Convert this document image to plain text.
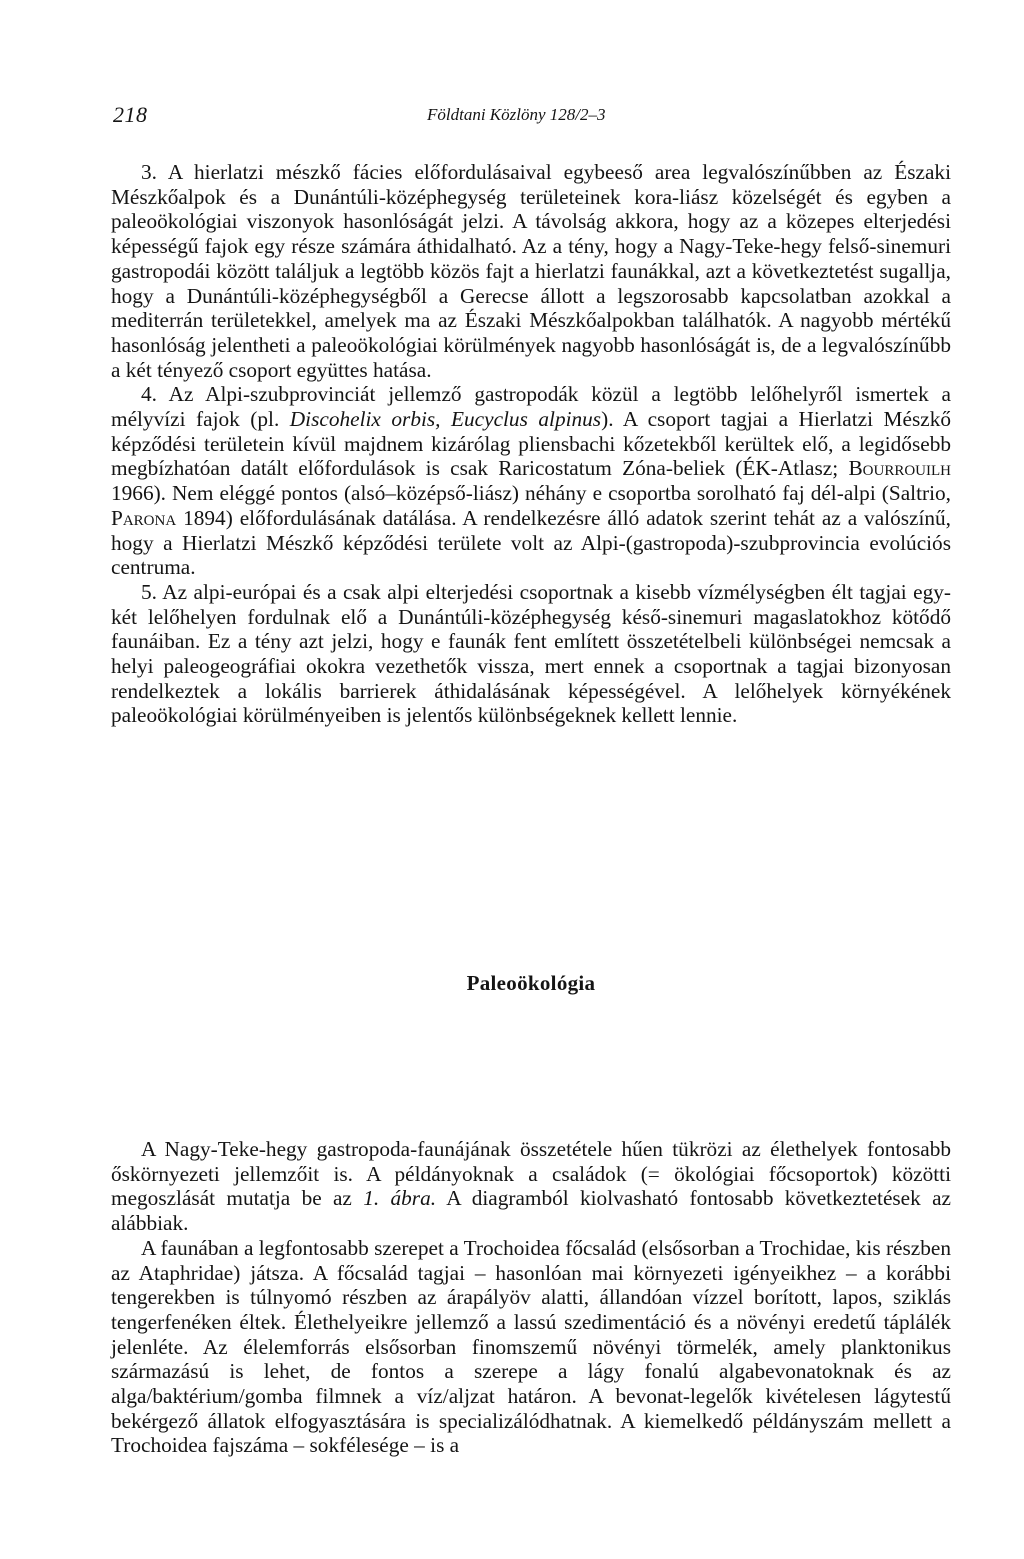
218	Földtani Közlöny 128/2–3

3. A hierlatzi mészkő fácies előfordulásaival egybeeső area legvalószínűbben az Északi Mészkőalpok és a Dunántúli-középhegység területeinek kora-liász közelségét és egyben a paleoökológiai viszonyok hasonlóságát jelzi. A távolság akkora, hogy az a közepes elterjedési képességű fajok egy része számára áthidalható. Az a tény, hogy a Nagy-Teke-hegy felső-sinemuri gastropodái között találjuk a legtöbb közös fajt a hierlatzi faunákkal, azt a következtetést sugallja, hogy a Dunántúli-középhegységből a Gerecse állott a legszorosabb kapcsolatban azokkal a mediterrán területekkel, amelyek ma az Északi Mészkőalpokban találhatók. A nagyobb mértékű hasonlóság jelentheti a paleoökológiai körülmények nagyobb hasonlóságát is, de a legvalószínűbb a két tényező csoport együttes hatása.

4. Az Alpi-szubprovinciát jellemző gastropodák közül a legtöbb lelőhelyről ismertek a mélyvízi fajok (pl. Discohelix orbis, Eucyclus alpinus). A csoport tagjai a Hierlatzi Mészkő képződési területein kívül majdnem kizárólag pliensbachi kőzetekből kerültek elő, a legidősebb megbízhatóan datált előfordulások is csak Raricostatum Zóna-beliek (ÉK-Atlasz; Bourrouilh 1966). Nem eléggé pontos (alsó–középső-liász) néhány e csoportba sorolható faj dél-alpi (Saltrio, Parona 1894) előfordulásának datálása. A rendelkezésre álló adatok szerint tehát az a valószínű, hogy a Hierlatzi Mészkő képződési területe volt az Alpi-(gastropoda)-szubprovincia evolúciós centruma.

5. Az alpi-európai és a csak alpi elterjedési csoportnak a kisebb vízmélységben élt tagjai egy-két lelőhelyen fordulnak elő a Dunántúli-középhegység késő-sinemuri magaslatokhoz kötődő faunáiban. Ez a tény azt jelzi, hogy e faunák fent említett összetételbeli különbségei nemcsak a helyi paleogeográfiai okokra vezethetők vissza, mert ennek a csoportnak a tagjai bizonyosan rendelkeztek a lokális barrierek áthidalásának képességével. A lelőhelyek környékének paleoökológiai körülményeiben is jelentős különbségeknek kellett lennie.

Paleoökológia

A Nagy-Teke-hegy gastropoda-faunájának összetétele hűen tükrözi az élethelyek fontosabb őskörnyezeti jellemzőit is. A példányoknak a családok (= ökológiai főcsoportok) közötti megoszlását mutatja be az 1. ábra. A diagramból kiolvasható fontosabb következtetések az alábbiak.

A faunában a legfontosabb szerepet a Trochoidea főcsalád (elsősorban a Trochidae, kis részben az Ataphridae) játsza. A főcsalád tagjai – hasonlóan mai környezeti igényeikhez – a korábbi tengerekben is túlnyomó részben az árapályöv alatti, állandóan vízzel borított, lapos, sziklás tengerfenéken éltek. Élethelyeikre jellemző a lassú szedimentáció és a növényi eredetű táplálék jelenléte. Az élelemforrás elsősorban finomszemű növényi törmelék, amely planktonikus származású is lehet, de fontos a szerepe a lágy fonalú algabevonatoknak és az alga/baktérium/gomba filmnek a víz/aljzat határon. A bevonat-legelők kivételesen lágytestű bekérgező állatok elfogyasztására is specializálódhatnak. A kiemelkedő példányszám mellett a Trochoidea fajszáma – sokfélesége – is a
